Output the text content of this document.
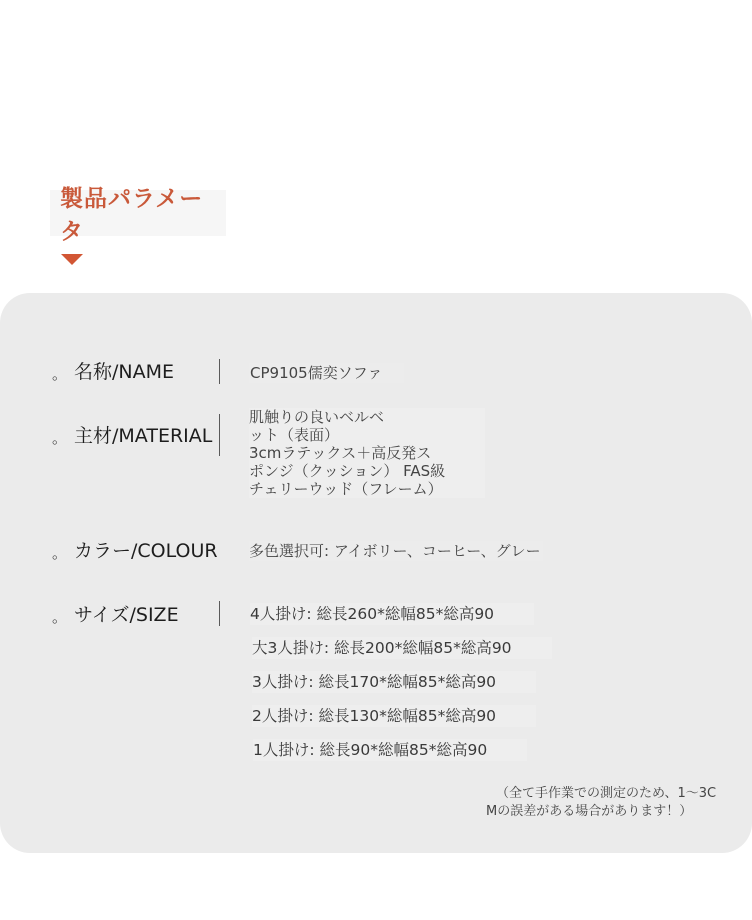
製品パラメータ
。 名称/NAME	CP9105儒奕ソファ
。 主材/MATERIAL
肌触りの良いベルベ
ット（表面）
3cmラテックス＋高反発ス
ポンジ（クッション） FAS級
チェリーウッド（フレーム）
。 カラー/COLOUR 多色選択可: アイボリー、コーヒー、グレー
。 サイズ/SIZE	4人掛け: 総長260*総幅85*総高90
大3人掛け: 総長200*総幅85*総高90
3人掛け: 総長170*総幅85*総高90
2人掛け: 総長130*総幅85*総高90
1人掛け: 総長90*総幅85*総高90
（全て手作業での測定のため、1〜3C
Mの誤差がある場合があります！）
